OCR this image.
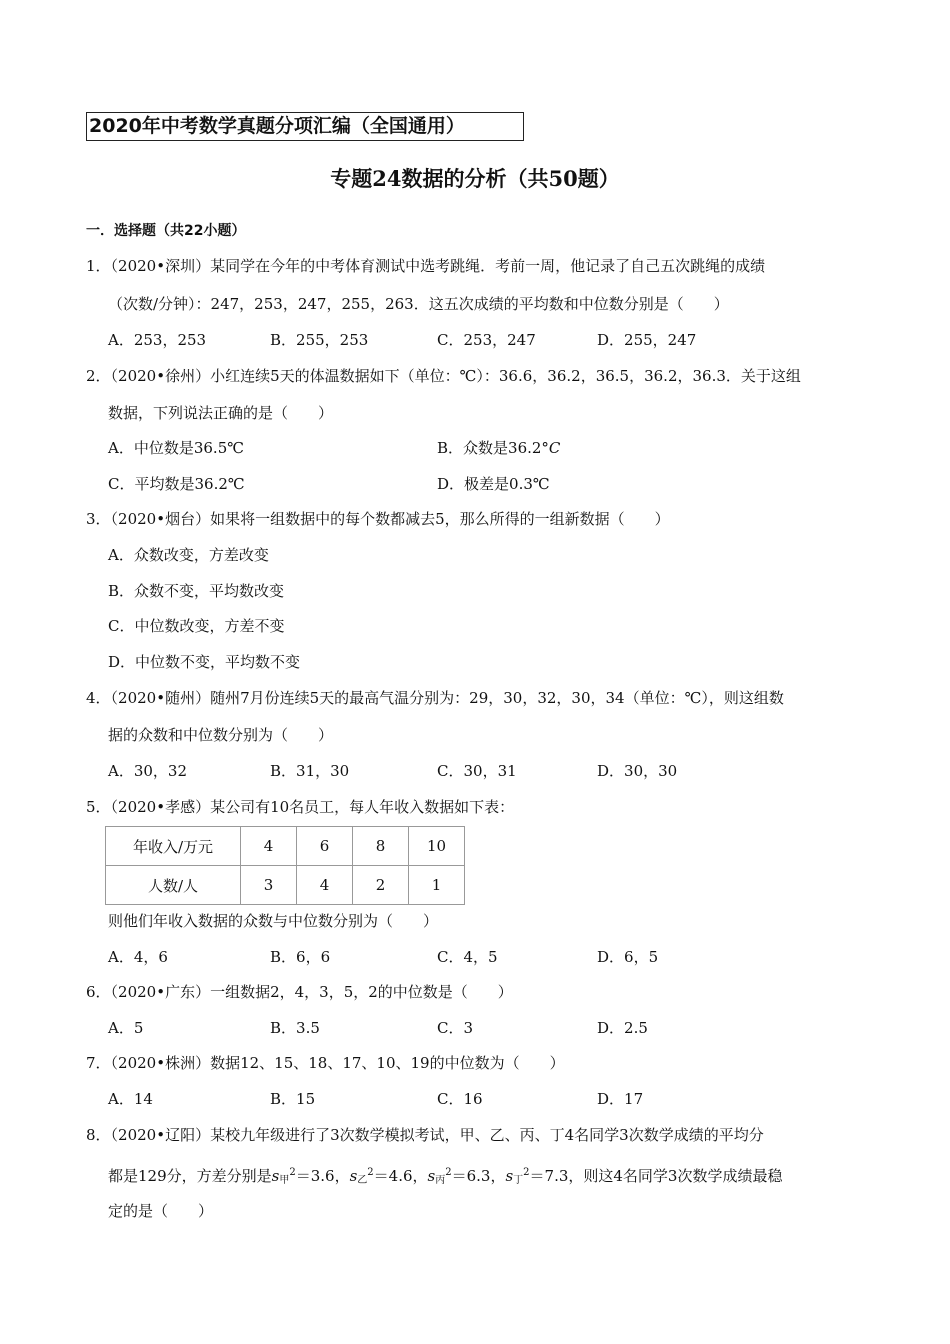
2020年中考数学真题分项汇编（全国通用）
专题24数据的分析（共50题）
一．选择题（共22小题）
1．（2020•深圳）某同学在今年的中考体育测试中选考跳绳．考前一周，他记录了自己五次跳绳的成绩
（次数/分钟）：247，253，247，255，263．这五次成绩的平均数和中位数分别是（　　）
A．253，253	B．255，253	C．253，247	D．255，247
2．（2020•徐州）小红连续5天的体温数据如下（单位：℃）：36.6，36.2，36.5，36.2，36.3．关于这组
数据，下列说法正确的是（　　）
A．中位数是36.5℃	B．众数是36.2°C
C．平均数是36.2℃	D．极差是0.3℃
3．（2020•烟台）如果将一组数据中的每个数都减去5，那么所得的一组新数据（　　）
A．众数改变，方差改变
B．众数不变，平均数改变
C．中位数改变，方差不变
D．中位数不变，平均数不变
4．（2020•随州）随州7月份连续5天的最高气温分别为：29，30，32，30，34（单位：℃），则这组数
据的众数和中位数分别为（　　）
A．30，32	B．31，30	C．30，31	D．30，30
5．（2020•孝感）某公司有10名员工，每人年收入数据如下表：
年收入/万元	4	6	8	10
人数/人	3	4	2	1
则他们年收入数据的众数与中位数分别为（　　）
A．4，6	B．6，6	C．4，5	D．6，5
6．（2020•广东）一组数据2，4，3，5，2的中位数是（　　）
A．5	B．3.5	C．3	D．2.5
7．（2020•株洲）数据12、15、18、17、10、19的中位数为（　　）
A．14	B．15	C．16	D．17
8．（2020•辽阳）某校九年级进行了3次数学模拟考试，甲、乙、丙、丁4名同学3次数学成绩的平均分
都是129分，方差分别是$s_甲^2=3.6$，$s_乙^2=4.6$，$s_丙^2=6.3$，$s_丁^2=7.3$，则这4名同学3次数学成绩最稳
定的是（　　）
